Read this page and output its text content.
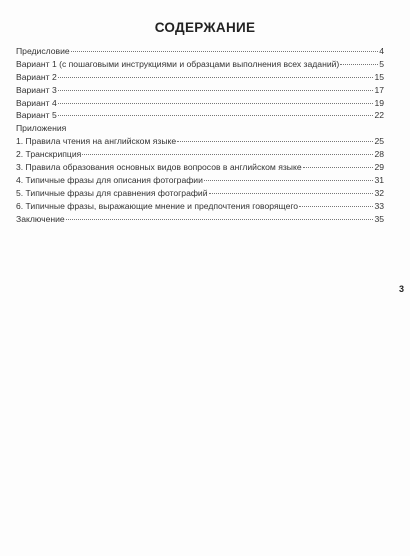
СОДЕРЖАНИЕ
Предисловие	4
Вариант 1 (с пошаговыми инструкциями и образцами выполнения всех заданий)	5
Вариант 2	15
Вариант 3	17
Вариант 4	19
Вариант 5	22
Приложения
1. Правила чтения на английском языке	25
2. Транскрипция	28
3. Правила образования основных видов вопросов в английском языке	29
4. Типичные фразы для описания фотографии	31
5. Типичные фразы для сравнения фотографий	32
6. Типичные фразы, выражающие мнение и предпочтения говорящего	33
Заключение	35
3
